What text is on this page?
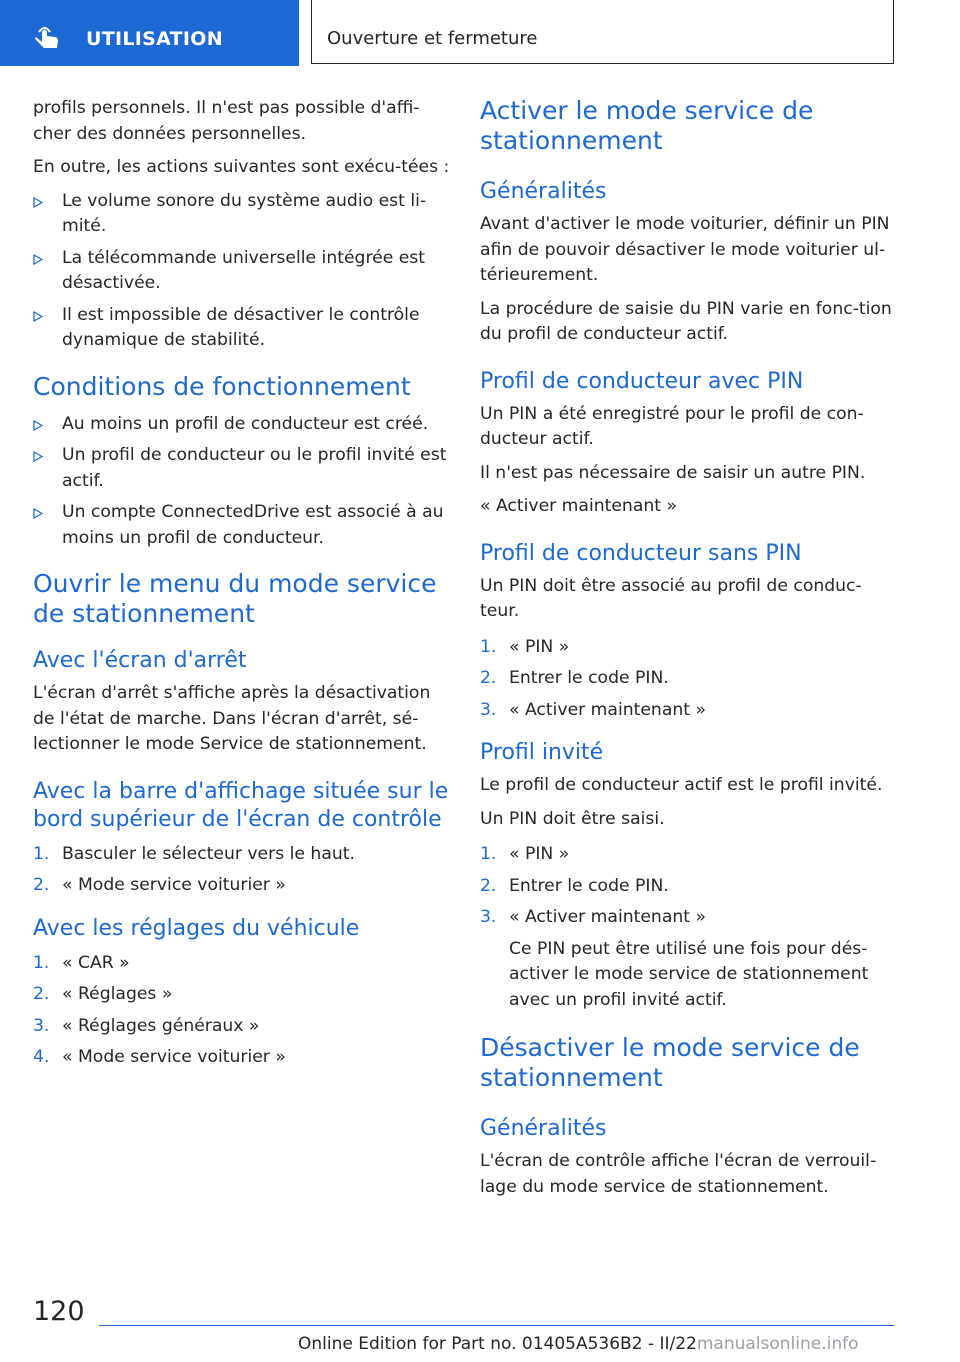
UTILISATION	Ouverture et fermeture

profils personnels. Il n'est pas possible d'affi-cher des données personnelles.

En outre, les actions suivantes sont exécu-tées :

Le volume sonore du système audio est li-mité.
La télécommande universelle intégrée est désactivée.
Il est impossible de désactiver le contrôle dynamique de stabilité.
Conditions de fonctionnement
Au moins un profil de conducteur est créé.
Un profil de conducteur ou le profil invité est actif.
Un compte ConnectedDrive est associé à au moins un profil de conducteur.
Ouvrir le menu du mode service de stationnement
Avec l'écran d'arrêt

L'écran d'arrêt s'affiche après la désactivation de l'état de marche. Dans l'écran d'arrêt, sé-lectionner le mode Service de stationnement.

Avec la barre d'affichage située sur le bord supérieur de l'écran de contrôle
1. Basculer le sélecteur vers le haut.
2. « Mode service voiturier »
Avec les réglages du véhicule
1. « CAR »
2. « Réglages »
3. « Réglages généraux »
4. « Mode service voiturier »
Activer le mode service de stationnement
Généralités

Avant d'activer le mode voiturier, définir un PIN afin de pouvoir désactiver le mode voiturier ul-térieurement.

La procédure de saisie du PIN varie en fonc-tion du profil de conducteur actif.

Profil de conducteur avec PIN

Un PIN a été enregistré pour le profil de con-ducteur actif.

Il n'est pas nécessaire de saisir un autre PIN.

« Activer maintenant »

Profil de conducteur sans PIN

Un PIN doit être associé au profil de conduc-teur.

1. « PIN »
2. Entrer le code PIN.
3. « Activer maintenant »
Profil invité

Le profil de conducteur actif est le profil invité.

Un PIN doit être saisi.

1. « PIN »
2. Entrer le code PIN.
3. « Activer maintenant »

Ce PIN peut être utilisé une fois pour dés-activer le mode service de stationnement avec un profil invité actif.

Désactiver le mode service de stationnement
Généralités

L'écran de contrôle affiche l'écran de verrouil-lage du mode service de stationnement.

120
Online Edition for Part no. 01405A536B2 - II/22manualsonline.info
